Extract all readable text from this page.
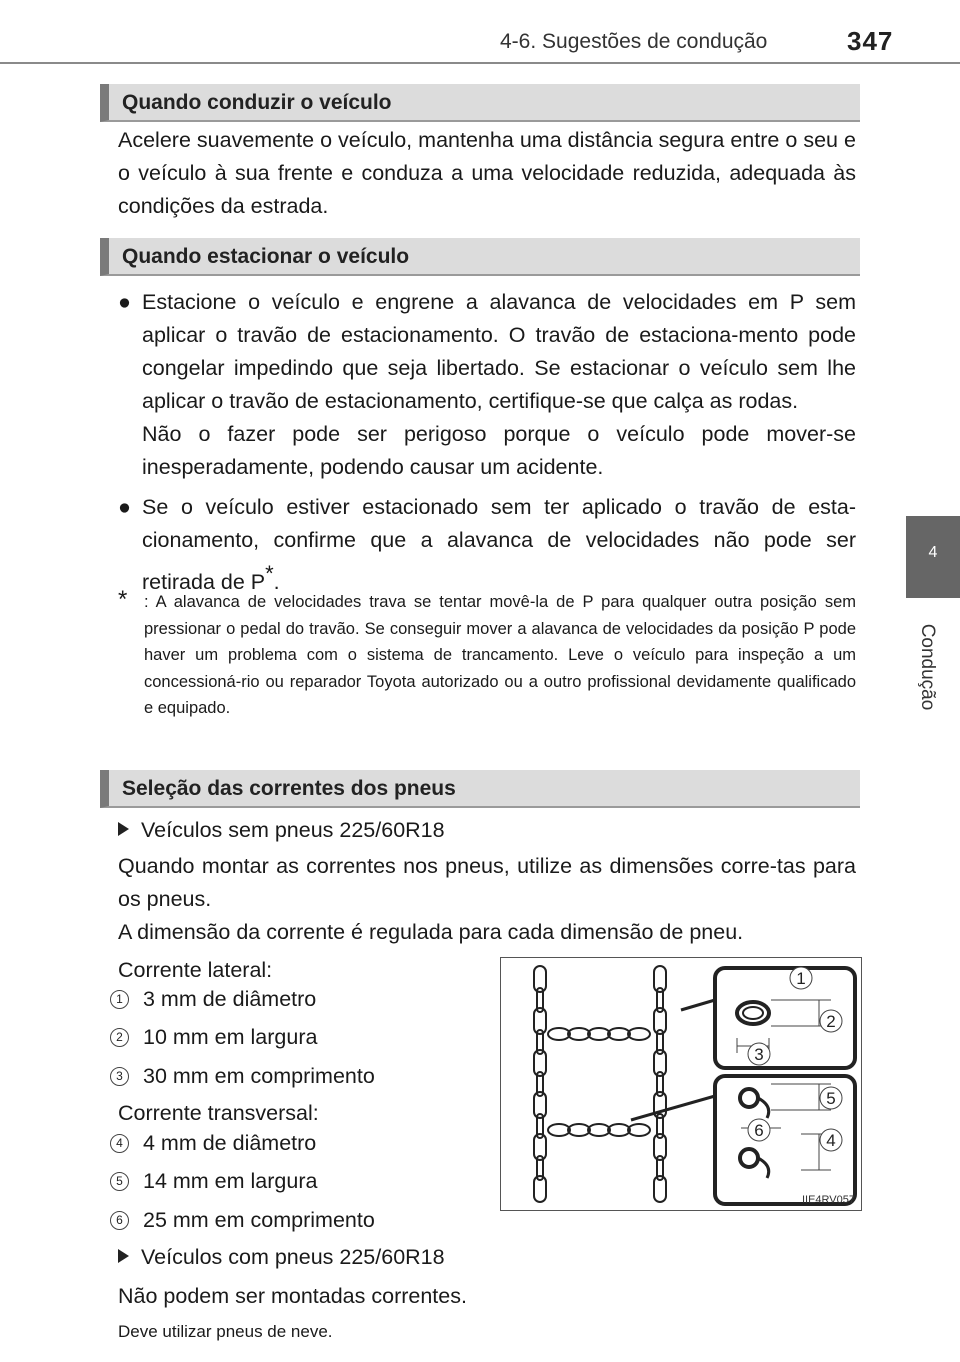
4-6. Sugestões de condução	347
4
Condução
Quando conduzir o veículo

Acelere suavemente o veículo, mantenha uma distância segura entre o seu e o veículo à sua frente e conduza a uma velocidade reduzida, adequada às condições da estrada.

Quando estacionar o veículo
● Estacione o veículo e engrene a alavanca de velocidades em P sem aplicar o travão de estacionamento. O travão de estaciona-mento pode congelar impedindo que seja libertado. Se estacionar o veículo sem lhe aplicar o travão de estacionamento, certifique-se que calça as rodas.
Não o fazer pode ser perigoso porque o veículo pode mover-se inesperadamente, podendo causar um acidente.
● Se o veículo estiver estacionado sem ter aplicado o travão de esta-cionamento, confirme que a alavanca de velocidades não pode ser retirada de P*.
* : A alavanca de velocidades trava se tentar movê-la de P para qualquer outra posição sem pressionar o pedal do travão. Se conseguir mover a alavanca de velocidades da posição P pode haver um problema com o sistema de trancamento. Leve o veículo para inspeção a um concessioná-rio ou reparador Toyota autorizado ou a outro profissional devidamente qualificado e equipado.
Seleção das correntes dos pneus
Veículos sem pneus 225/60R18

Quando montar as correntes nos pneus, utilize as dimensões corre-tas para os pneus.

A dimensão da corrente é regulada para cada dimensão de pneu.

Corrente lateral:
1 3 mm de diâmetro
2 10 mm em largura
3 30 mm em comprimento
Corrente transversal:
4 4 mm de diâmetro
5 14 mm em largura
6 25 mm em comprimento
Veículos com pneus 225/60R18
Não podem ser montadas correntes.
Deve utilizar pneus de neve.
1
2
3
5
6
4
IIE4RV057
